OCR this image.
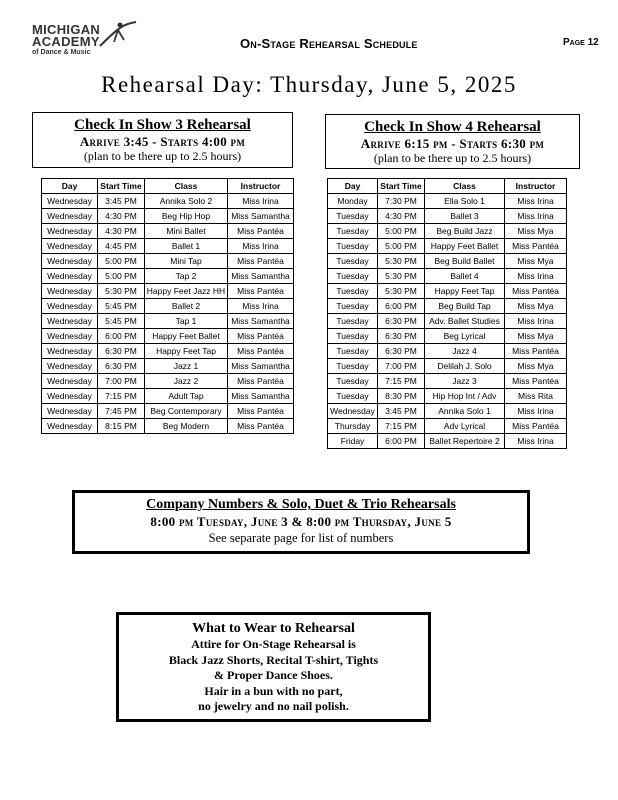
MICHIGAN
ACADEMY
of Dance & Music
On-Stage Rehearsal Schedule	Page 12
Rehearsal Day: Thursday, June 5, 2025
Check In Show 3 Rehearsal
Arrive 3:45 - Starts 4:00 pm
(plan to be there up to 2.5 hours)
Check In Show 4 Rehearsal
Arrive 6:15 pm - Starts 6:30 pm
(plan to be there up to 2.5 hours)
Day	Start Time	Class	Instructor
Wednesday	3:45 PM	Annika Solo 2	Miss Irina
Wednesday	4:30 PM	Beg Hip Hop	Miss Samantha
Wednesday	4:30 PM	Mini Ballet	Miss Pantéa
Wednesday	4:45 PM	Ballet 1	Miss Irina
Wednesday	5:00 PM	Mini Tap	Miss Pantéa
Wednesday	5:00 PM	Tap 2	Miss Samantha
Wednesday	5:30 PM	Happy Feet Jazz HH	Miss Pantéa
Wednesday	5:45 PM	Ballet 2	Miss Irina
Wednesday	5:45 PM	Tap 1	Miss Samantha
Wednesday	6:00 PM	Happy Feet Ballet	Miss Pantéa
Wednesday	6:30 PM	Happy Feet Tap	Miss Pantéa
Wednesday	6:30 PM	Jazz 1	Miss Samantha
Wednesday	7:00 PM	Jazz 2	Miss Pantéa
Wednesday	7:15 PM	Adult Tap	Miss Samantha
Wednesday	7:45 PM	Beg Contemporary	Miss Pantéa
Wednesday	8:15 PM	Beg Modern	Miss Pantéa
Day	Start Time	Class	Instructor
Monday	7:30 PM	Ella Solo 1	Miss Irina
Tuesday	4:30 PM	Ballet 3	Miss Irina
Tuesday	5:00 PM	Beg Build Jazz	Miss Mya
Tuesday	5:00 PM	Happy Feet Ballet	Miss Pantéa
Tuesday	5:30 PM	Beg Build Ballet	Miss Mya
Tuesday	5:30 PM	Ballet 4	Miss Irina
Tuesday	5:30 PM	Happy Feet Tap	Miss Pantéa
Tuesday	6:00 PM	Beg Build Tap	Miss Mya
Tuesday	6:30 PM	Adv. Ballet Studies	Miss Irina
Tuesday	6:30 PM	Beg Lyrical	Miss Mya
Tuesday	6:30 PM	Jazz 4	Miss Pantéa
Tuesday	7:00 PM	Delilah J. Solo	Miss Mya
Tuesday	7:15 PM	Jazz 3	Miss Pantéa
Tuesday	8:30 PM	Hip Hop Int / Adv	Miss Rita
Wednesday	3:45 PM	Annika Solo 1	Miss Irina
Thursday	7:15 PM	Adv Lyrical	Miss Pantéa
Friday	6:00 PM	Ballet Repertoire 2	Miss Irina
Company Numbers & Solo, Duet & Trio Rehearsals
8:00 pm Tuesday, June 3 & 8:00 pm Thursday, June 5
See separate page for list of numbers
What to Wear to Rehearsal
Attire for On-Stage Rehearsal is
Black Jazz Shorts, Recital T-shirt, Tights
& Proper Dance Shoes.
Hair in a bun with no part,
no jewelry and no nail polish.
